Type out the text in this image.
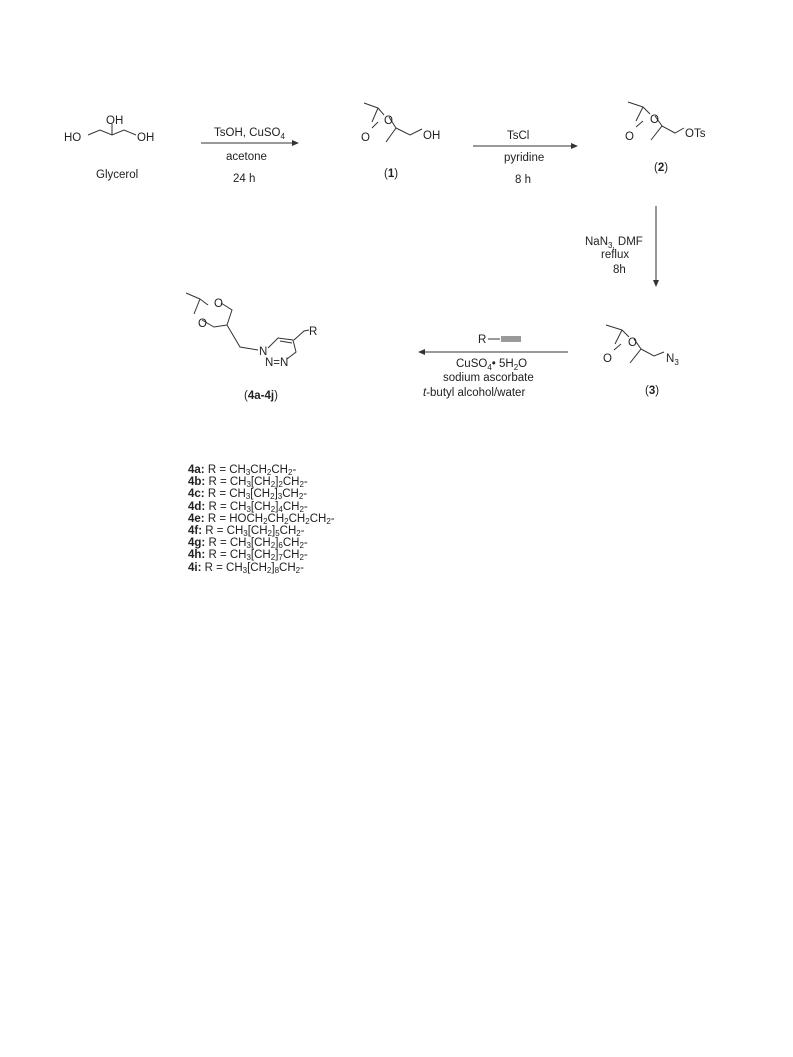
HO
OH
OH
Glycerol
TsOH, CuSO$_4$
acetone
24 h
O
O	OH
(1)
TsCl
pyridine
8 h
O
O	OTs
(2)
NaN$_{3,}$ DMF
reflux
8h
O
O	$N_3$
(3)
R
CuSO$_4$• $5H_2O$
sodium ascorbate
t-butyl alcohol/water
O
O
R
N
N=N
(4a-4j)
4a: $R = CH_3CH_2CH_2-$
4b: $R = CH_3[CH_2]_2CH_2-$
4c: $R = CH_3[CH_2]_3CH_2-$
4d: $R = CH_3[CH_2]_4CH_2-$
4e: $R = HOCH_2CH_2CH_2CH_2-$
4f: $R = CH_3[CH_2]_5CH_2-$
4g: $R = CH_3[CH_2]_6CH_2-$
4h: $R = CH_3[CH_2]_7CH_2-$
4i: $R = CH_3[CH_2]_8CH_2-$
